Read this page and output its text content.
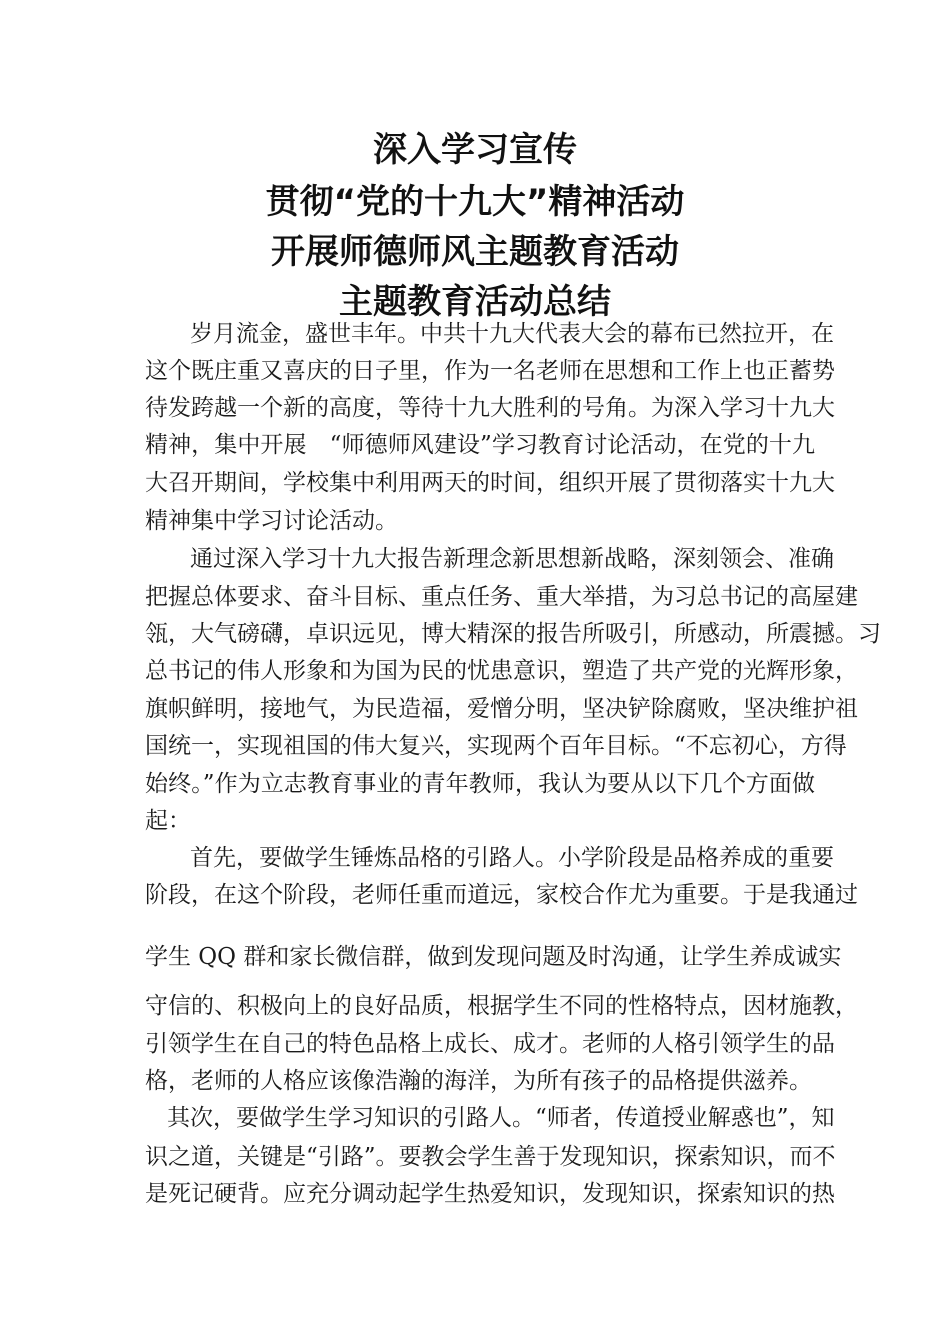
深入学习宣传
贯彻“党的十九大”精神活动
开展师德师风主题教育活动
主题教育活动总结
岁月流金，盛世丰年。中共十九大代表大会的幕布已然拉开，在
这个既庄重又喜庆的日子里，作为一名老师在思想和工作上也正蓄势
待发跨越一个新的高度，等待十九大胜利的号角。为深入学习十九大
精神，集中开展　“师德师风建设”学习教育讨论活动，在党的十九
大召开期间，学校集中利用两天的时间，组织开展了贯彻落实十九大
精神集中学习讨论活动。
通过深入学习十九大报告新理念新思想新战略，深刻领会、准确
把握总体要求、奋斗目标、重点任务、重大举措，为习总书记的高屋建
瓴，大气磅礴，卓识远见，博大精深的报告所吸引，所感动，所震撼。习
总书记的伟人形象和为国为民的忧患意识，塑造了共产党的光辉形象，
旗帜鲜明，接地气，为民造福，爱憎分明，坚决铲除腐败，坚决维护祖
国统一，实现祖国的伟大复兴，实现两个百年目标。“不忘初心，方得
始终。”作为立志教育事业的青年教师，我认为要从以下几个方面做
起：
首先，要做学生锤炼品格的引路人。小学阶段是品格养成的重要
阶段，在这个阶段，老师任重而道远，家校合作尤为重要。于是我通过
学生 QQ 群和家长微信群，做到发现问题及时沟通，让学生养成诚实
守信的、积极向上的良好品质，根据学生不同的性格特点，因材施教，
引领学生在自己的特色品格上成长、成才。老师的人格引领学生的品
格，老师的人格应该像浩瀚的海洋，为所有孩子的品格提供滋养。
其次，要做学生学习知识的引路人。“师者，传道授业解惑也”，知
识之道，关键是“引路”。要教会学生善于发现知识，探索知识，而不
是死记硬背。应充分调动起学生热爱知识，发现知识，探索知识的热
